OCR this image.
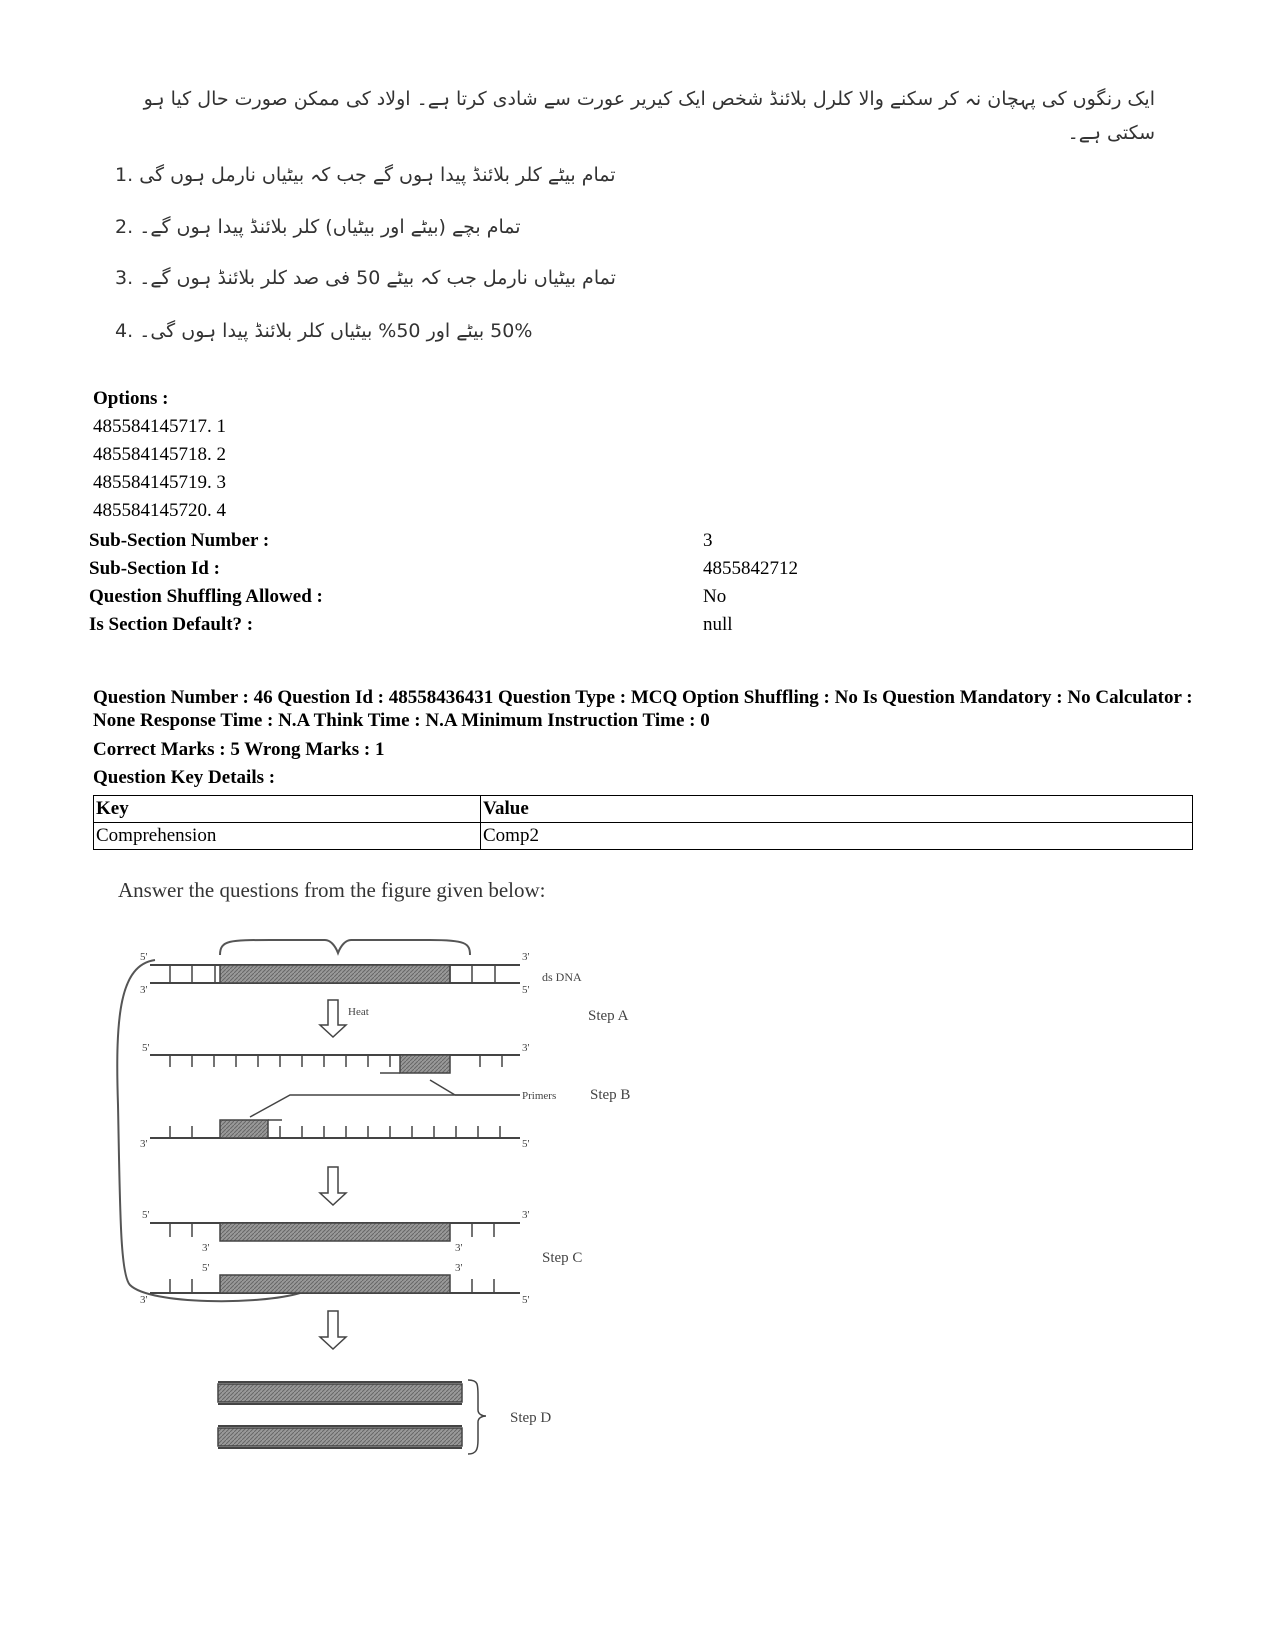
ایک رنگوں کی پہچان نہ کر سکنے والا کلرل بلائنڈ شخص ایک کیریر عورت سے شادی کرتا ہے۔ اولاد کی ممکن صورت حال کیا ہو سکتی ہے۔
1. تمام بیٹے کلر بلائنڈ پیدا ہوں گے جب کہ بیٹیاں نارمل ہوں گی
2. تمام بچے (بیٹے اور بیٹیاں) کلر بلائنڈ پیدا ہوں گے۔
3. تمام بیٹیاں نارمل جب کہ بیٹے 50 فی صد کلر بلائنڈ ہوں گے۔
4. 50% بیٹے اور 50% بیٹیاں کلر بلائنڈ پیدا ہوں گی۔
Options :
485584145717. 1
485584145718. 2
485584145719. 3
485584145720. 4
Sub-Section Number :	3
Sub-Section Id :	4855842712
Question Shuffling Allowed :	No
Is Section Default? :	null
Question Number : 46 Question Id : 48558436431 Question Type : MCQ Option Shuffling : No Is Question Mandatory : No Calculator : None Response Time : N.A Think Time : N.A Minimum Instruction Time : 0
Correct Marks : 5 Wrong Marks : 1
Question Key Details :
Key	Value
Comprehension	Comp2
Answer the questions from the figure given below:
5'	3'
3'	5'
ds DNA
Heat	Step A
5'	3'
3'	5'
Primers Step B
5'	3'
3'	3'
5'	3'
3'	5'
Step C
Step D
